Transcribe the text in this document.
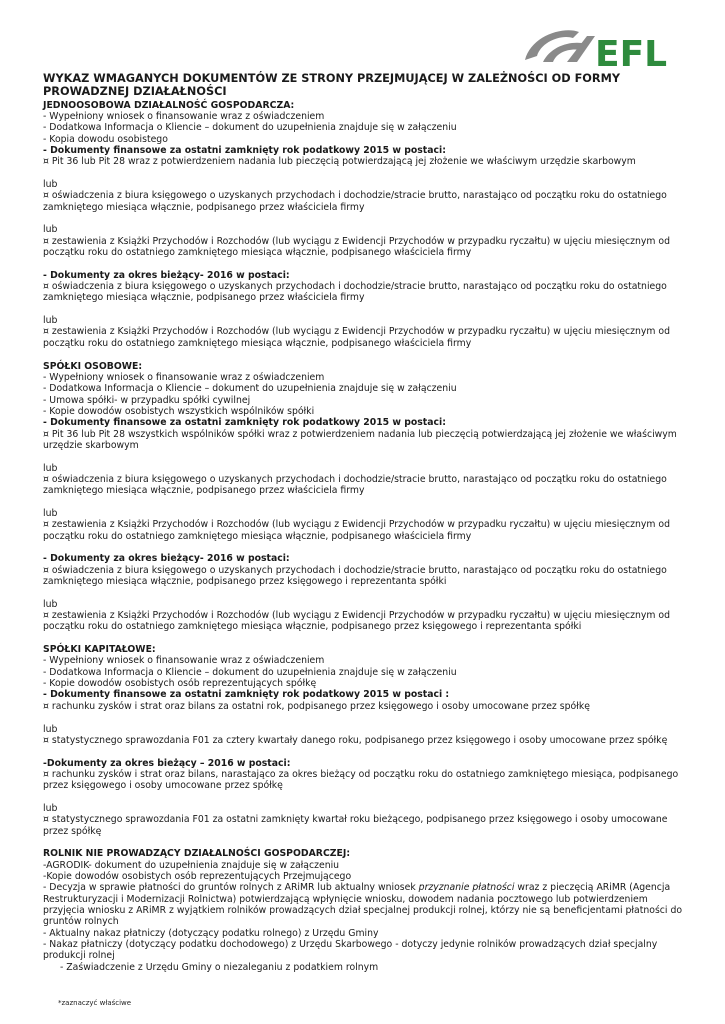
EFL
WYKAZ WMAGANYCH DOKUMENTÓW ZE STRONY PRZEJMUJĄCEJ W ZALEŻNOŚCI OD FORMY PROWADZNEJ DZIAŁAŁNOŚCI
JEDNOOSOBOWA DZIAŁALNOŚĆ GOSPODARCZA:
- Wypełniony wniosek o finansowanie wraz z oświadczeniem
- Dodatkowa Informacja o Kliencie – dokument do uzupełnienia znajduje się w załączeniu
- Kopia dowodu osobistego
- Dokumenty finansowe za ostatni zamknięty rok podatkowy 2015 w postaci:
¤ Pit 36 lub Pit 28 wraz z potwierdzeniem nadania lub pieczęcią potwierdzającą jej złożenie we właściwym urzędzie skarbowym
lub
¤ oświadczenia z biura księgowego o uzyskanych przychodach i dochodzie/stracie brutto, narastająco od początku roku do ostatniego zamkniętego miesiąca włącznie, podpisanego przez właściciela firmy
lub
¤ zestawienia z Książki Przychodów i Rozchodów (lub wyciągu z Ewidencji Przychodów w przypadku ryczałtu) w ujęciu miesięcznym od początku roku do ostatniego zamkniętego miesiąca włącznie, podpisanego właściciela firmy
- Dokumenty za okres bieżący- 2016 w postaci:
¤ oświadczenia z biura księgowego o uzyskanych przychodach i dochodzie/stracie brutto, narastająco od początku roku do ostatniego zamkniętego miesiąca włącznie, podpisanego przez właściciela firmy
lub
¤ zestawienia z Książki Przychodów i Rozchodów (lub wyciągu z Ewidencji Przychodów w przypadku ryczałtu) w ujęciu miesięcznym od początku roku do ostatniego zamkniętego miesiąca włącznie, podpisanego właściciela firmy
SPÓŁKI OSOBOWE:
- Wypełniony wniosek o finansowanie wraz z oświadczeniem
- Dodatkowa Informacja o Kliencie – dokument do uzupełnienia znajduje się w załączeniu
- Umowa spółki- w przypadku spółki cywilnej
- Kopie dowodów osobistych wszystkich wspólników spółki
- Dokumenty finansowe za ostatni zamknięty rok podatkowy 2015 w postaci:
¤ Pit 36 lub Pit 28 wszystkich wspólników spółki wraz z potwierdzeniem nadania lub pieczęcią potwierdzającą jej złożenie we właściwym urzędzie skarbowym
lub
¤ oświadczenia z biura księgowego o uzyskanych przychodach i dochodzie/stracie brutto, narastająco od początku roku do ostatniego zamkniętego miesiąca włącznie, podpisanego przez właściciela firmy
lub
¤ zestawienia z Książki Przychodów i Rozchodów (lub wyciągu z Ewidencji Przychodów w przypadku ryczałtu) w ujęciu miesięcznym od początku roku do ostatniego zamkniętego miesiąca włącznie, podpisanego właściciela firmy
- Dokumenty za okres bieżący- 2016 w postaci:
¤ oświadczenia z biura księgowego o uzyskanych przychodach i dochodzie/stracie brutto, narastająco od początku roku do ostatniego zamkniętego miesiąca włącznie, podpisanego przez księgowego i reprezentanta spółki
lub
¤ zestawienia z Książki Przychodów i Rozchodów (lub wyciągu z Ewidencji Przychodów w przypadku ryczałtu) w ujęciu miesięcznym od początku roku do ostatniego zamkniętego miesiąca włącznie, podpisanego przez księgowego i reprezentanta spółki
SPÓŁKI KAPITAŁOWE:
- Wypełniony wniosek o finansowanie wraz z oświadczeniem
- Dodatkowa Informacja o Kliencie – dokument do uzupełnienia znajduje się w załączeniu
- Kopie dowodów osobistych osób reprezentujących spółkę
- Dokumenty finansowe za ostatni zamknięty rok podatkowy 2015 w postaci :
¤ rachunku zysków i strat oraz bilans za ostatni rok, podpisanego przez księgowego i osoby umocowane przez spółkę
lub
¤ statystycznego sprawozdania F01 za cztery kwartały danego roku, podpisanego przez księgowego i osoby umocowane przez spółkę
-Dokumenty za okres bieżący – 2016 w postaci:
¤ rachunku zysków i strat oraz bilans, narastająco za okres bieżący od początku roku do ostatniego zamkniętego miesiąca, podpisanego przez księgowego i osoby umocowane przez spółkę
lub
¤ statystycznego sprawozdania F01 za ostatni zamknięty kwartał roku bieżącego, podpisanego przez księgowego i osoby umocowane przez spółkę
ROLNIK NIE PROWADZĄCY DZIAŁALNOŚCI GOSPODARCZEJ:
-AGRODIK- dokument do uzupełnienia znajduje się w załączeniu
-Kopie dowodów osobistych osób reprezentujących Przejmującego
- Decyzja w sprawie płatności do gruntów rolnych z ARiMR lub aktualny wniosek przyznanie płatności wraz z pieczęcią ARiMR (Agencja Restrukturyzacji i Modernizacji Rolnictwa) potwierdzającą wpłynięcie wniosku, dowodem nadania pocztowego lub potwierdzeniem przyjęcia wniosku z ARiMR z wyjątkiem rolników prowadzących dział specjalnej produkcji rolnej, którzy nie są beneficjentami płatności do gruntów rolnych
- Aktualny nakaz płatniczy (dotyczący podatku rolnego) z Urzędu Gminy
- Nakaz płatniczy (dotyczący podatku dochodowego) z Urzędu Skarbowego - dotyczy jedynie rolników prowadzących dział specjalny produkcji rolnej
- Zaświadczenie z Urzędu Gminy o niezaleganiu z podatkiem rolnym
*zaznaczyć właściwe
